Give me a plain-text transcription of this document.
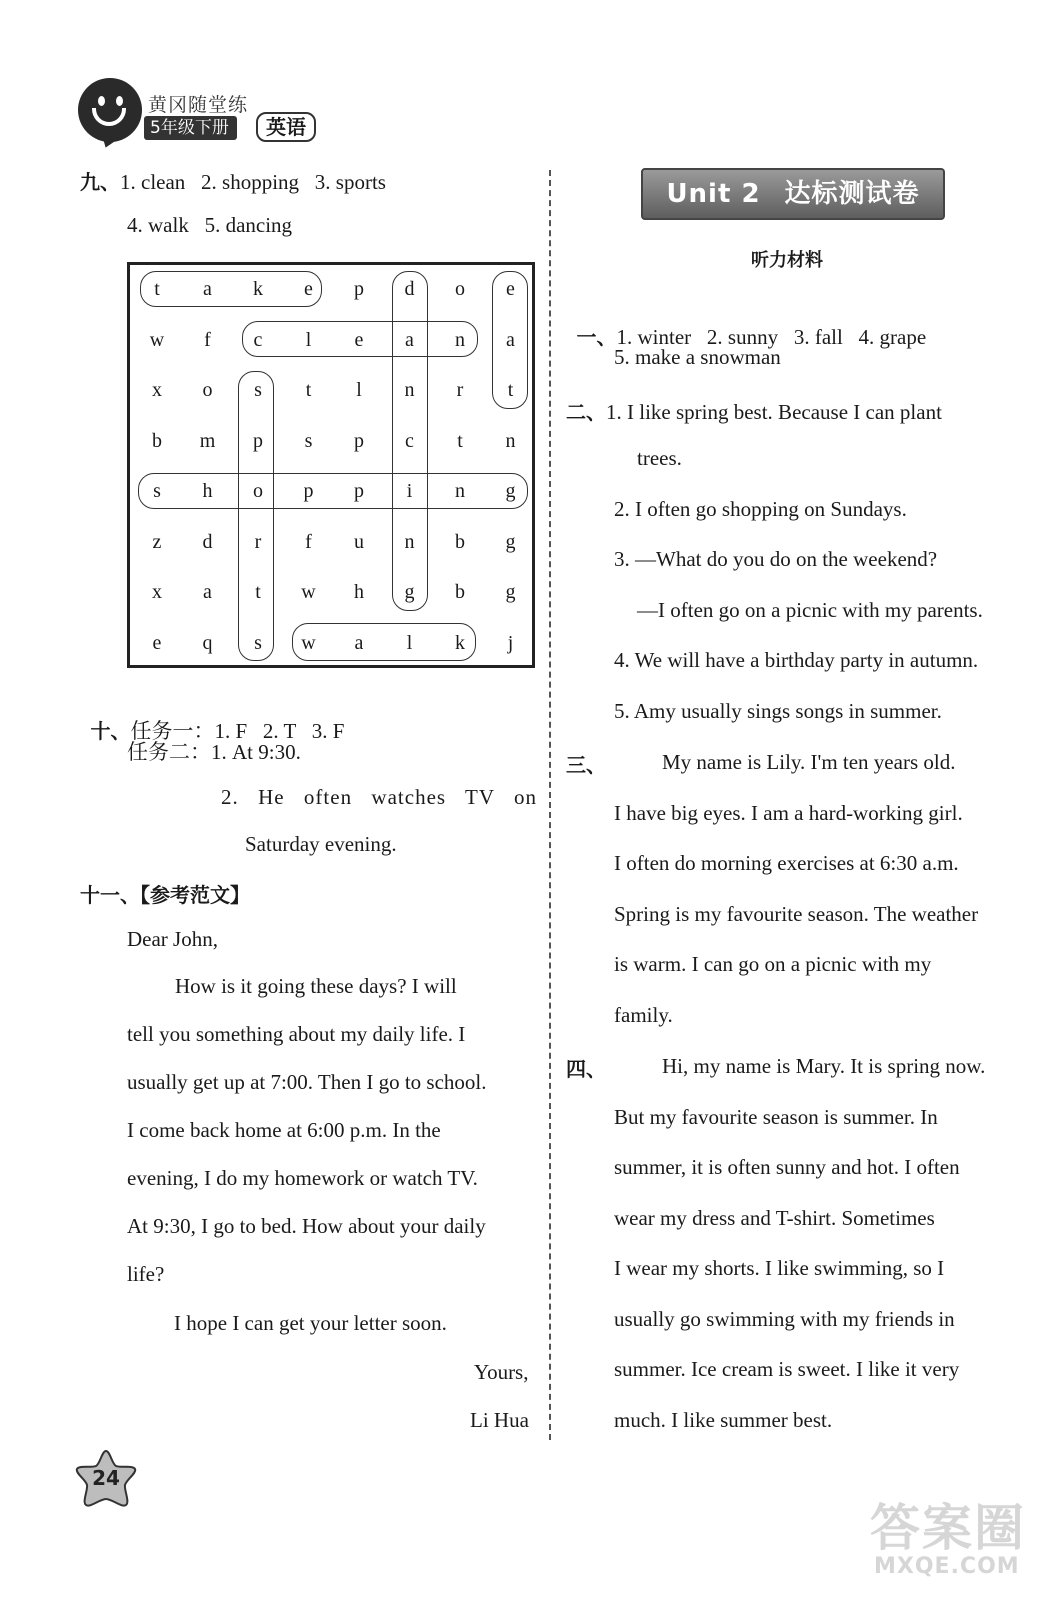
黄冈随堂练
5年级下册	英语
九、1. clean   2. shopping   3. sports
4. walk   5. dancing
t	a	k	e	p	d	o	e
w	f	c	l	e	a	n	a
x	o	s	t	l	n	r	t
b	m	p	s	p	c	t	n
s	h	o	p	p	i	n	g
z	d	r	f	u	n	b	g
x	a	t	w	h	g	b	g
e	q	s	w	a	l	k	j

十、任务一：1. F   2. T   3. F

任务二：1. At 9:30.
2. He often watches TV on
Saturday evening.
十一、【参考范文】
Dear John,
How is it going these days? I will
tell you something about my daily life. I
usually get up at 7:00. Then I go to school.
I come back home at 6:00 p.m. In the
evening, I do my homework or watch TV.
At 9:30, I go to bed. How about your daily
life?
I hope I can get your letter soon.
Yours,
Li Hua
Unit 2 达标测试卷
听力材料

一、1. winter   2. sunny   3. fall   4. grape

5. make a snowman
二、1. I like spring best. Because I can plant
trees.
2. I often go shopping on Sundays.
3. —What do you do on the weekend?
—I often go on a picnic with my parents.
4. We will have a birthday party in autumn.
5. Amy usually sings songs in summer.
三、	My name is Lily. I'm ten years old.
I have big eyes. I am a hard-working girl.
I often do morning exercises at 6:30 a.m.
Spring is my favourite season. The weather
is warm. I can go on a picnic with my
family.
四、	Hi, my name is Mary. It is spring now.
But my favourite season is summer. In
summer, it is often sunny and hot. I often
wear my dress and T-shirt. Sometimes
I wear my shorts. I like swimming, so I
usually go swimming with my friends in
summer. Ice cream is sweet. I like it very
much. I like summer best.
24
答案圈
MXQE.COM
